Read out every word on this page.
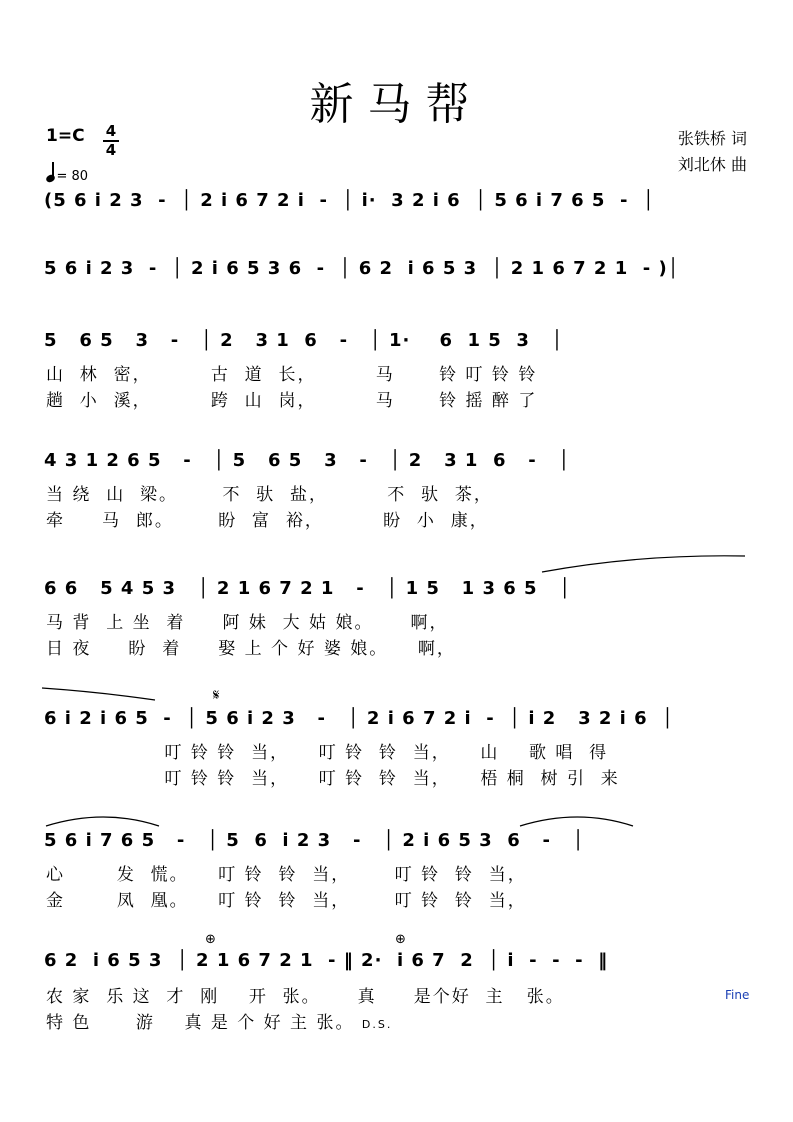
新马帮
1=C 4
4
= 80
张铁桥 词
刘北休 曲
(5 6 i 2 3  -  │ 2 i 6 7 2 i  -  │ i·  3 2 i 6  │ 5 6 i 7 6 5  -  │
5 6 i 2 3  -  │ 2 i 6 5 3 6  -  │ 6 2  i 6 5 3  │ 2 1 6 7 2 1  - )│
5   6 5   3   -   │ 2   3 1  6   -   │ 1·    6  1 5  3   │
山  林  密，        古  道  长，        马      铃 叮 铃 铃
趟  小  溪，        跨  山  岗，        马      铃 摇 醉 了
4 3 1 2 6 5   -   │ 5   6 5   3   -   │ 2   3 1  6   -   │
当 绕  山  梁。      不  驮  盐，        不  驮  茶，
牵     马  郎。      盼  富  裕，        盼  小  康，
6 6   5 4 5 3   │ 2 1 6 7 2 1   -   │ 1 5   1 3 6 5   │
马 背  上 坐  着     阿 妹  大 姑 娘。     啊，
日 夜     盼  着     娶 上 个 好 婆 娘。    啊，
6 i 2 i 6 5  -  │ 5 6 i 2 3   -   │ 2 i 6 7 2 i  -  │ i 2   3 2 i 6  │
叮 铃 铃  当，    叮 铃  铃  当，    山    歌 唱  得
叮 铃 铃  当，    叮 铃  铃  当，    梧 桐  树 引  来
𝄋
5 6 i 7 6 5   -   │ 5  6  i 2 3   -   │ 2 i 6 5 3  6   -   │
心       发  慌。    叮 铃  铃  当，      叮 铃  铃  当，
金       凤  凰。    叮 铃  铃  当，      叮 铃  铃  当，
6 2  i 6 5 3  │ 2 1 6 7 2 1  - ‖ 2·  i 6 7  2  │ i  -  -  -  ‖
农 家  乐 这  才  刚    开  张。     真     是个好  主   张。
特 色      游    真 是 个 好 主 张。 D.S.
⊕	⊕
Fine
